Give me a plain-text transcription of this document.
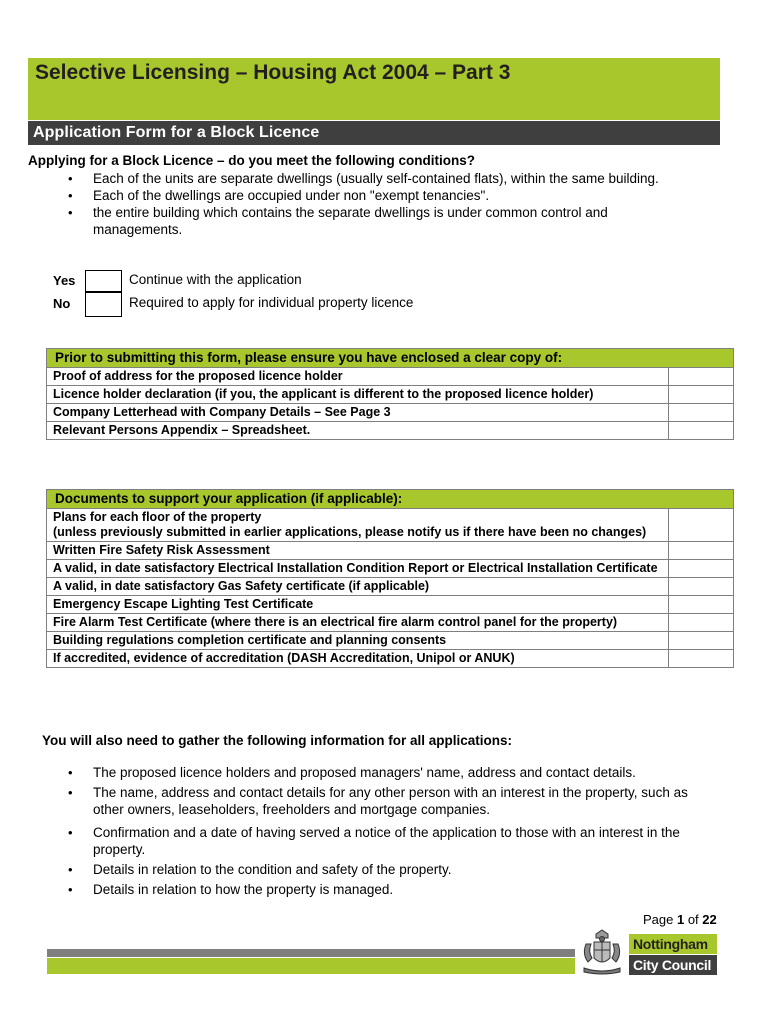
Selective Licensing – Housing Act 2004 – Part 3
Application Form for a Block Licence
Applying for a Block Licence – do you meet the following conditions?
• Each of the units are separate dwellings (usually self-contained flats), within the same building.
• Each of the dwellings are occupied under non "exempt tenancies".
• the entire building which contains the separate dwellings is under common control and managements.
Yes	Continue with the application
No	Required to apply for individual property licence
Prior to submitting this form, please ensure you have enclosed a clear copy of:	
Proof of address for the proposed licence holder	
Licence holder declaration (if you, the applicant is different to the proposed licence holder)	
Company Letterhead with Company Details – See Page 3	
Relevant Persons Appendix – Spreadsheet.	
Documents to support your application (if applicable):	
Plans for each floor of the property
(unless previously submitted in earlier applications, please notify us if there have been no changes)	
Written Fire Safety Risk Assessment	
A valid, in date satisfactory Electrical Installation Condition Report or Electrical Installation Certificate	
A valid, in date satisfactory Gas Safety certificate (if applicable)	
Emergency Escape Lighting Test Certificate	
Fire Alarm Test Certificate (where there is an electrical fire alarm control panel for the property)	
Building regulations completion certificate and planning consents	
If accredited, evidence of accreditation (DASH Accreditation, Unipol or ANUK)	
You will also need to gather the following information for all applications:
• The proposed licence holders and proposed managers' name, address and contact details.
• The name, address and contact details for any other person with an interest in the property, such as other owners, leaseholders, freeholders and mortgage companies.
• Confirmation and a date of having served a notice of the application to those with an interest in the property.
• Details in relation to the condition and safety of the property.
• Details in relation to how the property is managed.
Page 1 of 22
Nottingham
City Council
